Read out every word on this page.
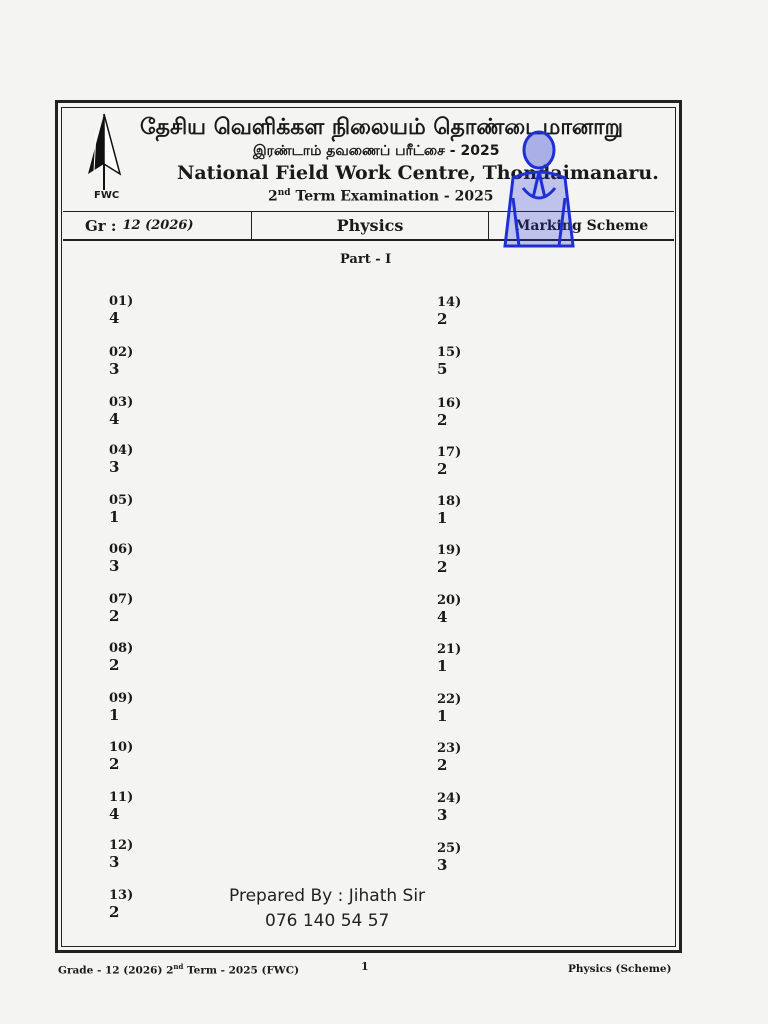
FWC
தேசிய வெளிக்கள நிலையம் தொண்டைமானாறு
இரண்டாம் தவணைப் பரீட்சை - 2025
National Field Work Centre, Thondaimanaru.
2nd Term Examination - 2025
Gr : 12 (2026)	Physics	Marking Scheme
Part - I
01)4
02)3
03)4
04)3
05)1
06)3
07)2
08)2
09)1
10)2
11)4
12)3
13)2
14)2
15)5
16)2
17)2
18)1
19)2
20)4
21)1
22)1
23)2
24)3
25)3
Prepared By : Jihath Sir
076 140 54 57
Grade - 12 (2026) 2nd Term - 2025 (FWC)	1	Physics (Scheme)
